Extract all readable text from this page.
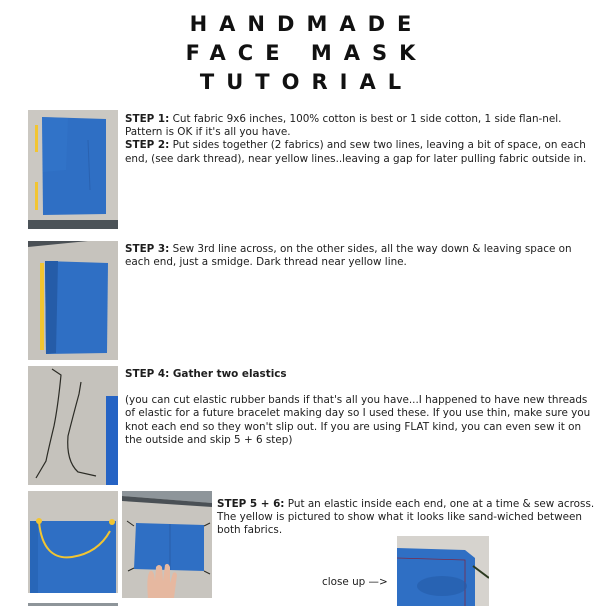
HANDMADE
FACE MASK
TUTORIAL

STEP 1: Cut fabric 9x6 inches, 100% cotton is best or 1 side cotton, 1 side flan-nel. Pattern is OK if it's all you have.

STEP 2: Put sides together (2 fabrics) and sew two lines, leaving a bit of space, on each end, (see dark thread), near yellow lines..leaving a gap for later pulling fabric outside in.

STEP 3: Sew 3rd line across, on the other sides, all the way down & leaving space on each end, just a smidge. Dark thread near yellow line.

STEP 4: Gather two elastics

(you can cut elastic rubber bands if that's all you have...I happened to have new threads of elastic for a future bracelet making day so I used these. If you use thin, make sure you knot each end so they won't slip out. If you are using FLAT kind, you can even sew it on the outside and skip 5 + 6 step)

STEP 5 + 6: Put an elastic inside each end, one at a time & sew across. The yellow is pictured to show what it looks like sand-wiched between both fabrics.

close up —>
